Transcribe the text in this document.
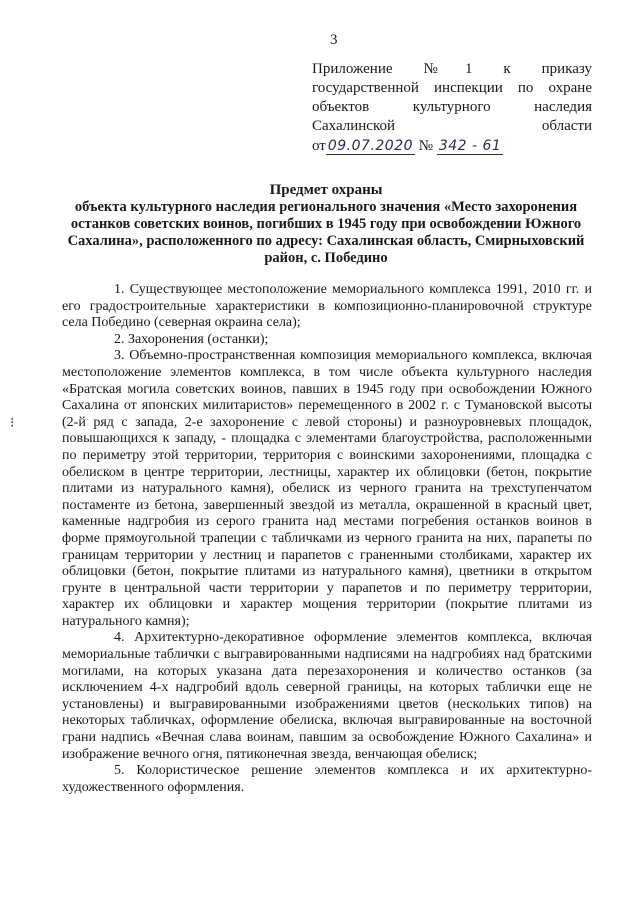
3
Приложение №1 к приказу
государственной инспекции по охране
объектов культурного наследия
Сахалинской области
от 09.07.2020 № 342 - 61
Предмет охраны
объекта культурного наследия регионального значения «Место захоронения останков советских воинов, погибших в 1945 году при освобождении Южного Сахалина», расположенного по адресу: Сахалинская область, Смирныховский район, с. Победино
⁝

1. Существующее местоположение мемориального комплекса 1991, 2010 гг. и его градостроительные характеристики в композиционно-планировочной структуре села Победино (северная окраина села);

2. Захоронения (останки);

3. Объемно-пространственная композиция мемориального комплекса, включая местоположение элементов комплекса, в том числе объекта культурного наследия «Братская могила советских воинов, павших в 1945 году при освобождении Южного Сахалина от японских милитаристов» перемещенного в 2002 г. с Тумановской высоты (2-й ряд с запада, 2-е захоронение с левой стороны) и разноуровневых площадок, повышающихся к западу, - площадка с элементами благоустройства, расположенными по периметру этой территории, территория с воинскими захоронениями, площадка с обелиском в центре территории, лестницы, характер их облицовки (бетон, покрытие плитами из натурального камня), обелиск из черного гранита на трехступенчатом постаменте из бетона, завершенный звездой из металла, окрашенной в красный цвет, каменные надгробия из серого гранита над местами погребения останков воинов в форме прямоугольной трапеции с табличками из черного гранита на них, парапеты по границам территории у лестниц и парапетов с граненными столбиками, характер их облицовки (бетон, покрытие плитами из натурального камня), цветники в открытом грунте в центральной части территории у парапетов и по периметру территории, характер их облицовки и характер мощения территории (покрытие плитами из натурального камня);

4. Архитектурно-декоративное оформление элементов комплекса, включая мемориальные таблички с выгравированными надписями на надгробиях над братскими могилами, на которых указана дата перезахоронения и количество останков (за исключением 4-х надгробий вдоль северной границы, на которых таблички еще не установлены) и выгравированными изображениями цветов (нескольких типов) на некоторых табличках, оформление обелиска, включая выгравированные на восточной грани надпись «Вечная слава воинам, павшим за освобождение Южного Сахалина» и изображение вечного огня, пятиконечная звезда, венчающая обелиск;

5. Колористическое решение элементов комплекса и их архитектурно-художественного оформления.
